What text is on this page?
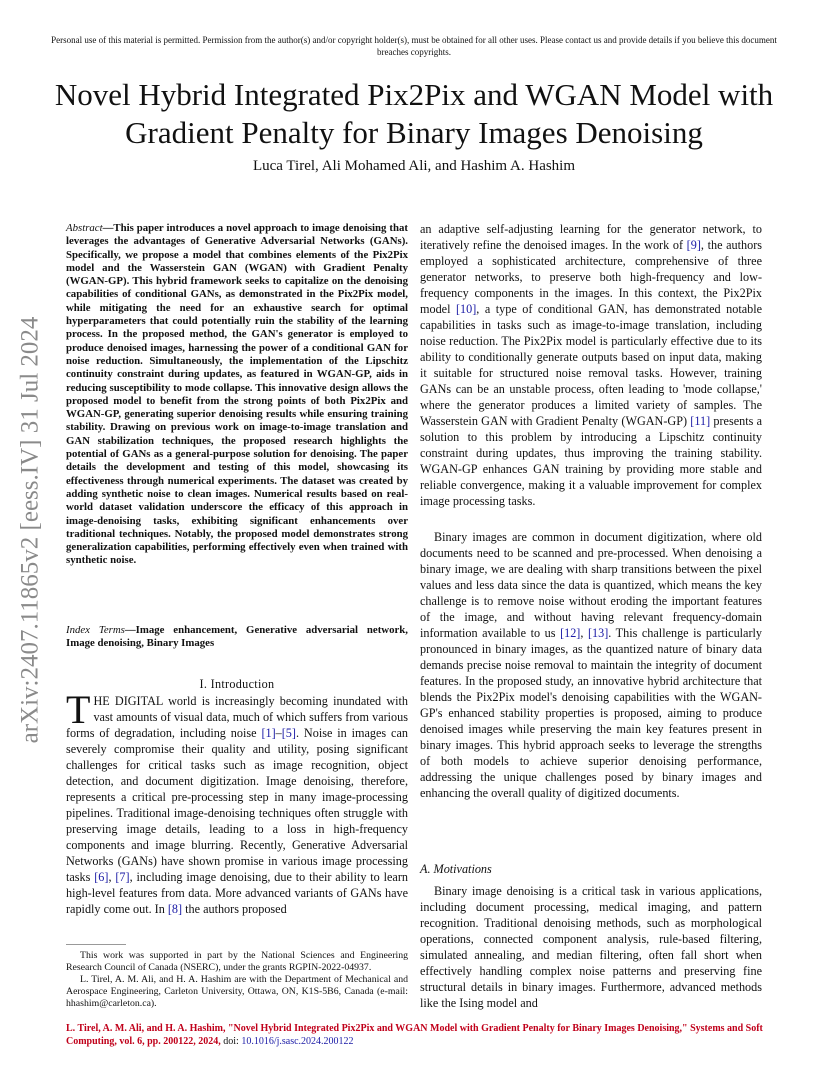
Personal use of this material is permitted. Permission from the author(s) and/or copyright holder(s), must be obtained for all other uses. Please contact us and provide details if you believe this document breaches copyrights.
Novel Hybrid Integrated Pix2Pix and WGAN Model with Gradient Penalty for Binary Images Denoising
Luca Tirel, Ali Mohamed Ali, and Hashim A. Hashim
arXiv:2407.11865v2 [eess.IV] 31 Jul 2024
Abstract—This paper introduces a novel approach to image denoising that leverages the advantages of Generative Adversarial Networks (GANs). Specifically, we propose a model that combines elements of the Pix2Pix model and the Wasserstein GAN (WGAN) with Gradient Penalty (WGAN-GP). This hybrid framework seeks to capitalize on the denoising capabilities of conditional GANs, as demonstrated in the Pix2Pix model, while mitigating the need for an exhaustive search for optimal hyperparameters that could potentially ruin the stability of the learning process. In the proposed method, the GAN's generator is employed to produce denoised images, harnessing the power of a conditional GAN for noise reduction. Simultaneously, the implementation of the Lipschitz continuity constraint during updates, as featured in WGAN-GP, aids in reducing susceptibility to mode collapse. This innovative design allows the proposed model to benefit from the strong points of both Pix2Pix and WGAN-GP, generating superior denoising results while ensuring training stability. Drawing on previous work on image-to-image translation and GAN stabilization techniques, the proposed research highlights the potential of GANs as a general-purpose solution for denoising. The paper details the development and testing of this model, showcasing its effectiveness through numerical experiments. The dataset was created by adding synthetic noise to clean images. Numerical results based on real-world dataset validation underscore the efficacy of this approach in image-denoising tasks, exhibiting significant enhancements over traditional techniques. Notably, the proposed model demonstrates strong generalization capabilities, performing effectively even when trained with synthetic noise.
Index Terms—Image enhancement, Generative adversarial network, Image denoising, Binary Images
I. Introduction
THE DIGITAL world is increasingly becoming inundated with vast amounts of visual data, much of which suffers from various forms of degradation, including noise [1]–[5]. Noise in images can severely compromise their quality and utility, posing significant challenges for critical tasks such as image recognition, object detection, and document digitization. Image denoising, therefore, represents a critical pre-processing step in many image-processing pipelines. Traditional image-denoising techniques often struggle with preserving image details, leading to a loss in high-frequency components and image blurring. Recently, Generative Adversarial Networks (GANs) have shown promise in various image processing tasks [6], [7], including image denoising, due to their ability to learn high-level features from data. More advanced variants of GANs have rapidly come out. In [8] the authors proposed
This work was supported in part by the National Sciences and Engineering Research Council of Canada (NSERC), under the grants RGPIN-2022-04937.
L. Tirel, A. M. Ali, and H. A. Hashim are with the Department of Mechanical and Aerospace Engineering, Carleton University, Ottawa, ON, K1S-5B6, Canada (e-mail: hhashim@carleton.ca).
an adaptive self-adjusting learning for the generator network, to iteratively refine the denoised images. In the work of [9], the authors employed a sophisticated architecture, comprehensive of three generator networks, to preserve both high-frequency and low-frequency components in the images. In this context, the Pix2Pix model [10], a type of conditional GAN, has demonstrated notable capabilities in tasks such as image-to-image translation, including noise reduction. The Pix2Pix model is particularly effective due to its ability to conditionally generate outputs based on input data, making it suitable for structured noise removal tasks. However, training GANs can be an unstable process, often leading to 'mode collapse,' where the generator produces a limited variety of samples. The Wasserstein GAN with Gradient Penalty (WGAN-GP) [11] presents a solution to this problem by introducing a Lipschitz continuity constraint during updates, thus improving the training stability. WGAN-GP enhances GAN training by providing more stable and reliable convergence, making it a valuable improvement for complex image processing tasks.
Binary images are common in document digitization, where old documents need to be scanned and pre-processed. When denoising a binary image, we are dealing with sharp transitions between the pixel values and less data since the data is quantized, which means the key challenge is to remove noise without eroding the important features of the image, and without having relevant frequency-domain information available to us [12], [13]. This challenge is particularly pronounced in binary images, as the quantized nature of binary data demands precise noise removal to maintain the integrity of document features. In the proposed study, an innovative hybrid architecture that blends the Pix2Pix model's denoising capabilities with the WGAN-GP's enhanced stability properties is proposed, aiming to produce denoised images while preserving the main key features present in binary images. This hybrid approach seeks to leverage the strengths of both models to achieve superior denoising performance, addressing the unique challenges posed by binary images and enhancing the overall quality of digitized documents.
A. Motivations
Binary image denoising is a critical task in various applications, including document processing, medical imaging, and pattern recognition. Traditional denoising methods, such as morphological operations, connected component analysis, rule-based filtering, simulated annealing, and median filtering, often fall short when effectively handling complex noise patterns and preserving fine structural details in binary images. Furthermore, advanced methods like the Ising model and
L. Tirel, A. M. Ali, and H. A. Hashim, "Novel Hybrid Integrated Pix2Pix and WGAN Model with Gradient Penalty for Binary Images Denoising," Systems and Soft Computing, vol. 6, pp. 200122, 2024, doi: 10.1016/j.sasc.2024.200122
